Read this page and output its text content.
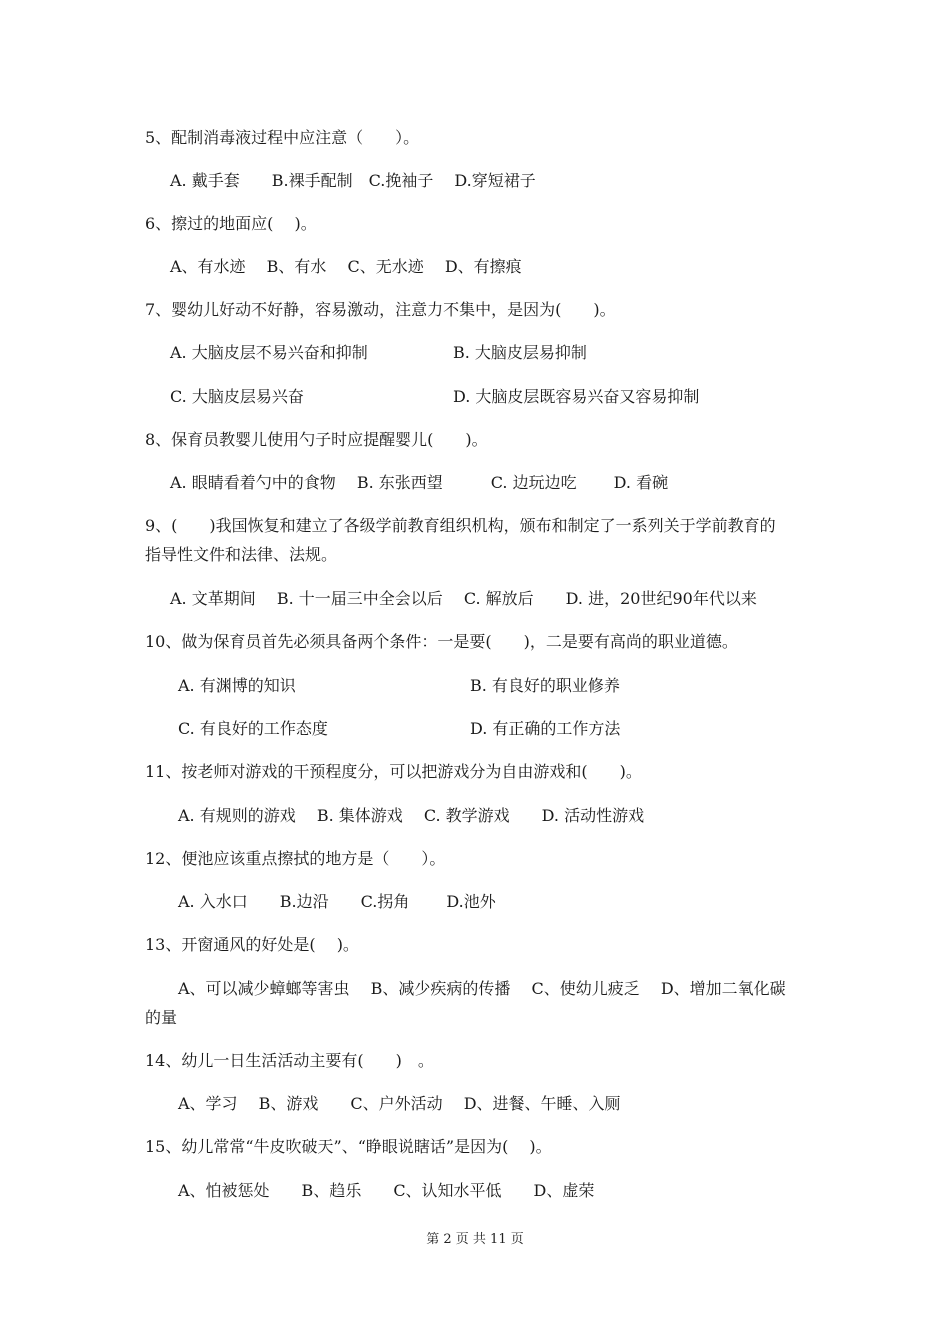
5、配制消毒液过程中应注意（　　）。
A. 戴手套　　B.裸手配制　C.挽袖子　 D.穿短裙子
6、擦过的地面应(　 )。
A、有水迹　 B、有水　 C、无水迹　 D、有擦痕
7、婴幼儿好动不好静，容易激动，注意力不集中，是因为(　　)。
A. 大脑皮层不易兴奋和抑制	B. 大脑皮层易抑制
C. 大脑皮层易兴奋	D. 大脑皮层既容易兴奋又容易抑制
8、保育员教婴儿使用勺子时应提醒婴儿(　　)。
A. 眼睛看着勺中的食物　 B. 东张西望　　　C. 边玩边吃　　 D. 看碗
9、(　　)我国恢复和建立了各级学前教育组织机构，颁布和制定了一系列关于学前教育的
指导性文件和法律、法规。
A. 文革期间　 B. 十一届三中全会以后　 C. 解放后　　D. 进，20世纪90年代以来
10、做为保育员首先必须具备两个条件：一是要(　　)，二是要有高尚的职业道德。
A. 有渊博的知识	B. 有良好的职业修养
C. 有良好的工作态度	D. 有正确的工作方法
11、按老师对游戏的干预程度分，可以把游戏分为自由游戏和(　　)。
A. 有规则的游戏　 B. 集体游戏　 C. 教学游戏　　D. 活动性游戏
12、便池应该重点擦拭的地方是（　　）。
A. 入水口　　B.边沿　　C.拐角　　 D.池外
13、开窗通风的好处是(　 )。
A、可以减少蟑螂等害虫　 B、减少疾病的传播　 C、使幼儿疲乏　 D、增加二氧化碳
的量
14、幼儿一日生活活动主要有(　　)　。
A、学习　 B、游戏　　C、户外活动　 D、进餐、午睡、入厕
15、幼儿常常“牛皮吹破天”、“睁眼说瞎话”是因为(　 )。
A、怕被惩处　　B、趋乐　　C、认知水平低　　D、虚荣
第 2 页 共 11 页
